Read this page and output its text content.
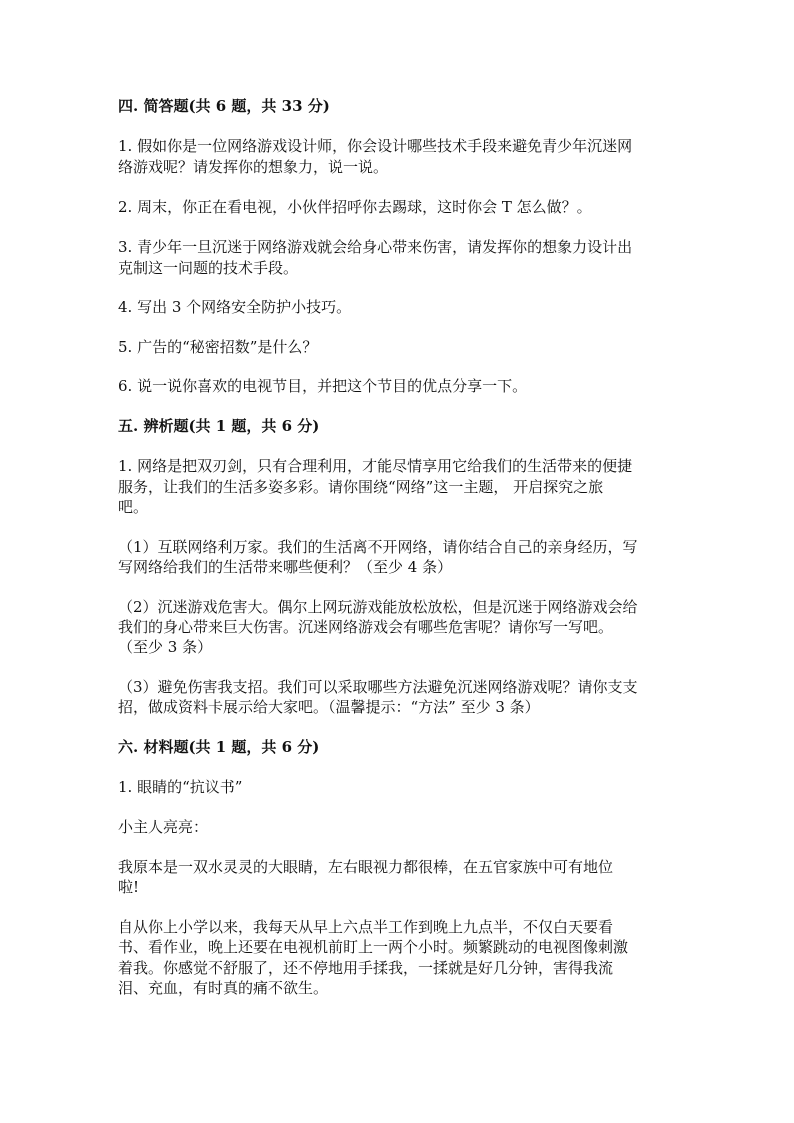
四. 简答题(共 6 题，共 33 分)
1. 假如你是一位网络游戏设计师，你会设计哪些技术手段来避免青少年沉迷网
络游戏呢？请发挥你的想象力，说一说。
2. 周末，你正在看电视，小伙伴招呼你去踢球，这时你会 T 怎么做？。
3. 青少年一旦沉迷于网络游戏就会给身心带来伤害，请发挥你的想象力设计出
克制这一问题的技术手段。
4. 写出 3 个网络安全防护小技巧。
5. 广告的“秘密招数”是什么？
6. 说一说你喜欢的电视节目，并把这个节目的优点分享一下。
五. 辨析题(共 1 题，共 6 分)
1. 网络是把双刃剑，只有合理利用，才能尽情享用它给我们的生活带来的便捷
服务，让我们的生活多姿多彩。请你围绕“网络”这一主题， 开启探究之旅
吧。
（1）互联网络利万家。我们的生活离不开网络，请你结合自己的亲身经历，写
写网络给我们的生活带来哪些便利？（至少 4 条）
（2）沉迷游戏危害大。偶尔上网玩游戏能放松放松，但是沉迷于网络游戏会给
我们的身心带来巨大伤害。沉迷网络游戏会有哪些危害呢？请你写一写吧。
（至少 3 条）
（3）避免伤害我支招。我们可以采取哪些方法避免沉迷网络游戏呢？请你支支
招，做成资料卡展示给大家吧。（温馨提示：“方法” 至少 3 条）
六. 材料题(共 1 题，共 6 分)
1. 眼睛的“抗议书”
小主人亮亮：
我原本是一双水灵灵的大眼睛，左右眼视力都很棒，在五官家族中可有地位
啦!
自从你上小学以来，我每天从早上六点半工作到晚上九点半，不仅白天要看
书、看作业，晚上还要在电视机前盯上一两个小时。频繁跳动的电视图像刺激
着我。你感觉不舒服了，还不停地用手揉我，一揉就是好几分钟，害得我流
泪、充血，有时真的痛不欲生。
